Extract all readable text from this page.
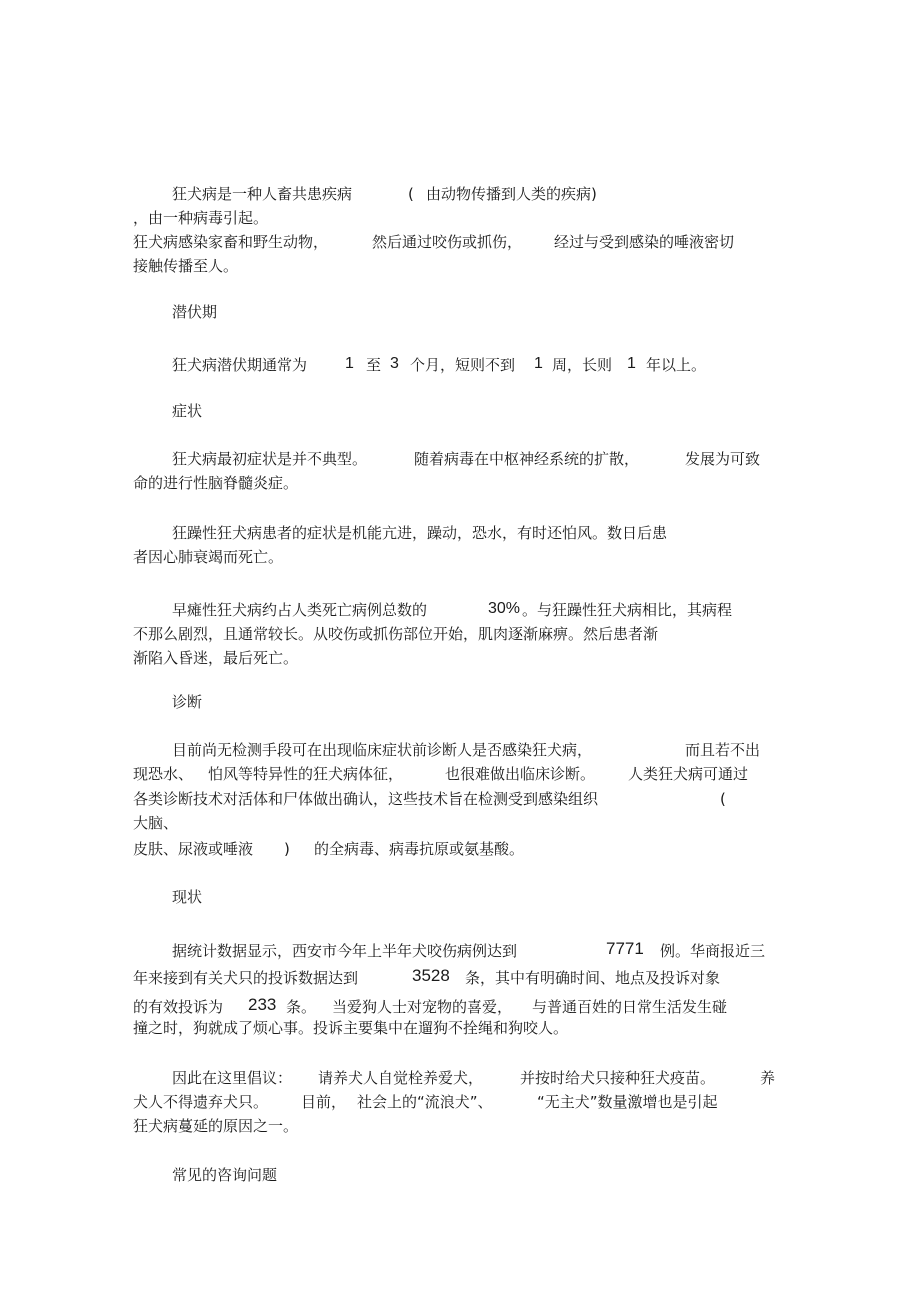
狂犬病是一种人畜共患疾病	( 由动物传播到人类的疾病)
，由一种病毒引起。
狂犬病感染家畜和野生动物，	然后通过咬伤或抓伤， 经过与受到感染的唾液密切
接触传播至人。
潜伏期
狂犬病潜伏期通常为 1 至 3 个月，短则不到 1 周，长则 1 年以上。
症状
狂犬病最初症状是并不典型。	随着病毒在中枢神经系统的扩散，	发展为可致
命的进行性脑脊髓炎症。
狂躁性狂犬病患者的症状是机能亢进，躁动，恐水，有时还怕风。数日后患
者因心肺衰竭而死亡。
早瘫性狂犬病约占人类死亡病例总数的	30% 。与狂躁性狂犬病相比，其病程
不那么剧烈，且通常较长。从咬伤或抓伤部位开始，肌肉逐渐麻痹。然后患者渐
渐陷入昏迷，最后死亡。
诊断
目前尚无检测手段可在出现临床症状前诊断人是否感染狂犬病，	而且若不出
现恐水、 怕风等特异性的狂犬病体征，	也很难做出临床诊断。 人类狂犬病可通过
各类诊断技术对活体和尸体做出确认，这些技术旨在检测受到感染组织	(
大脑、
皮肤、尿液或唾液 ) 的全病毒、病毒抗原或氨基酸。
现状
据统计数据显示，西安市今年上半年犬咬伤病例达到	7771 例。华商报近三
年来接到有关犬只的投诉数据达到	3528 条，其中有明确时间、地点及投诉对象
的有效投诉为 233 条。 当爱狗人士对宠物的喜爱， 与普通百姓的日常生活发生碰
撞之时，狗就成了烦心事。投诉主要集中在遛狗不拴绳和狗咬人。
因此在这里倡议： 请养犬人自觉栓养爱犬， 并按时给犬只接种狂犬疫苗。	养
犬人不得遗弃犬只。 目前， 社会上的“流浪犬”、	“无主犬”数量激增也是引起
狂犬病蔓延的原因之一。
常见的咨询问题
